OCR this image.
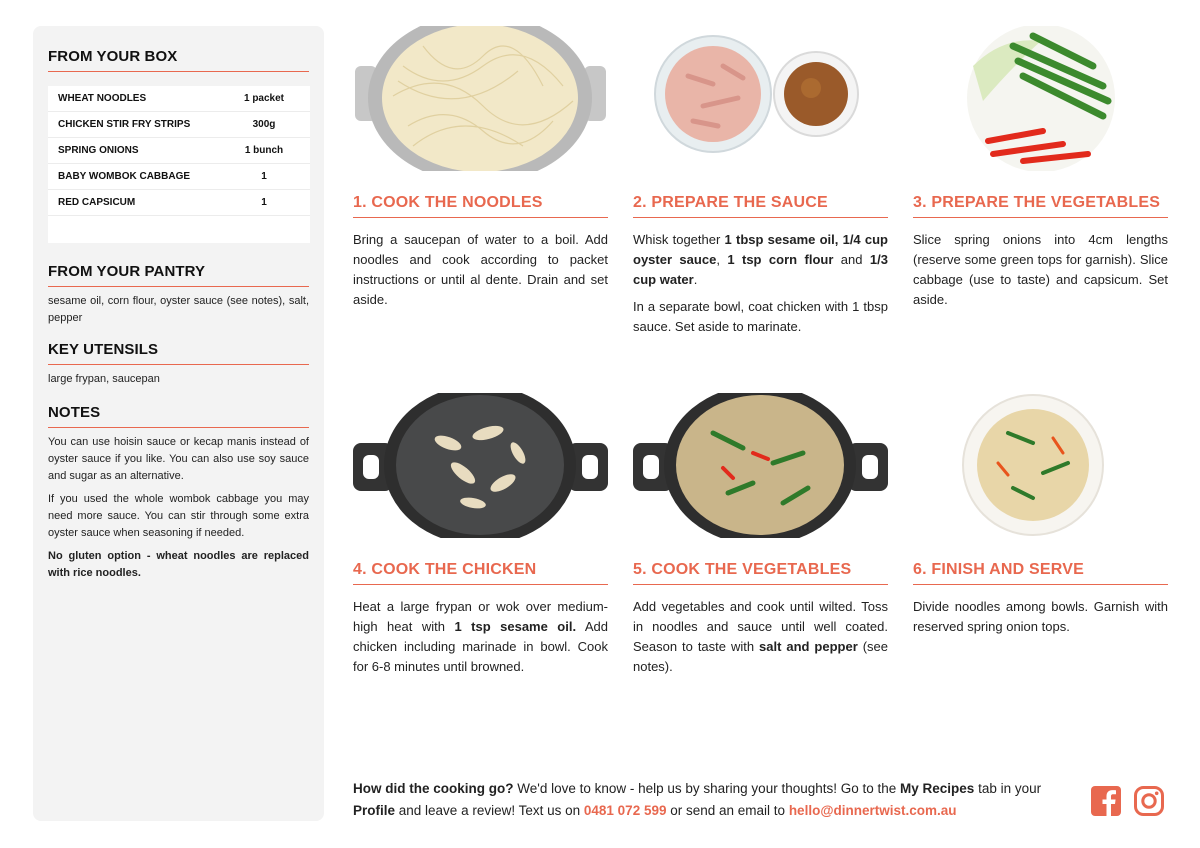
FROM YOUR BOX
WHEAT NOODLES	1 packet
CHICKEN STIR FRY STRIPS	300g
SPRING ONIONS	1 bunch
BABY WOMBOK CABBAGE	1
RED CAPSICUM	1
FROM YOUR PANTRY
sesame oil, corn flour, oyster sauce (see notes), salt, pepper
KEY UTENSILS
large frypan, saucepan
NOTES
You can use hoisin sauce or kecap manis instead of oyster sauce if you like. You can also use soy sauce and sugar as an alternative.
If you used the whole wombok cabbage you may need more sauce. You can stir through some extra oyster sauce when seasoning if needed.
No gluten option - wheat noodles are replaced with rice noodles.
1. COOK THE NOODLES
Bring a saucepan of water to a boil. Add noodles and cook according to packet instructions or until al dente. Drain and set aside.
2. PREPARE THE SAUCE
Whisk together 1 tbsp sesame oil, 1/4 cup oyster sauce, 1 tsp corn flour and 1/3 cup water.
In a separate bowl, coat chicken with 1 tbsp sauce. Set aside to marinate.
3. PREPARE THE VEGETABLES
Slice spring onions into 4cm lengths (reserve some green tops for garnish). Slice cabbage (use to taste) and capsicum. Set aside.
4. COOK THE CHICKEN
Heat a large frypan or wok over medium-high heat with 1 tsp sesame oil. Add chicken including marinade in bowl. Cook for 6-8 minutes until browned.
5. COOK THE VEGETABLES
Add vegetables and cook until wilted. Toss in noodles and sauce until well coated. Season to taste with salt and pepper (see notes).
6. FINISH AND SERVE
Divide noodles among bowls. Garnish with reserved spring onion tops.
How did the cooking go? We'd love to know - help us by sharing your thoughts! Go to the My Recipes tab in your Profile and leave a review! Text us on 0481 072 599 or send an email to hello@dinnertwist.com.au
